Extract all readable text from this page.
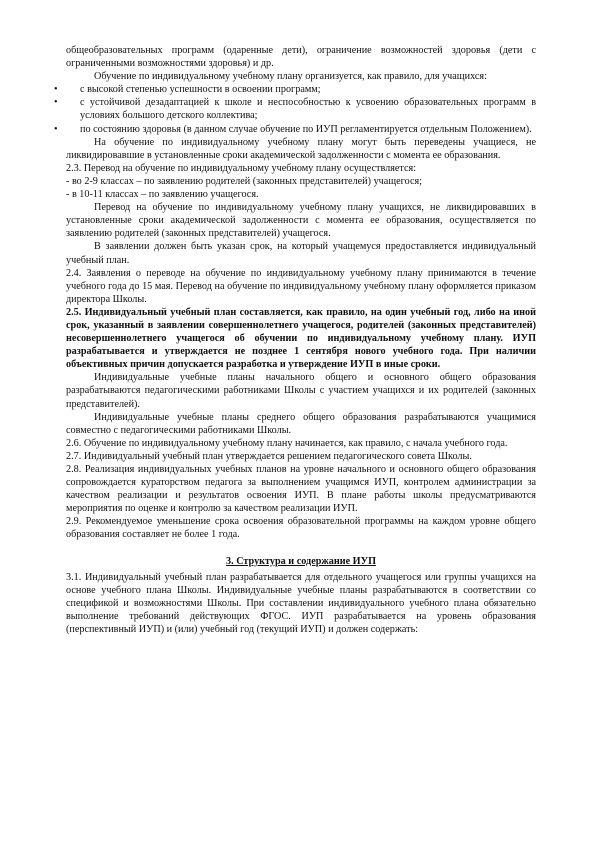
общеобразовательных программ (одаренные дети), ограничение возможностей здоровья (дети с ограниченными возможностями здоровья) и др.

Обучение по индивидуальному учебному плану организуется, как правило, для учащихся:

• с высокой степенью успешности в освоении программ;

• с устойчивой дезадаптацией к школе и неспособностью к усвоению образовательных программ в условиях большого детского коллектива;

• по состоянию здоровья (в данном случае обучение по ИУП регламентируется отдельным Положением).

На обучение по индивидуальному учебному плану могут быть переведены учащиеся, не ликвидировавшие в установленные сроки академической задолженности с момента ее образования.

2.3. Перевод на обучение по индивидуальному учебному плану осуществляется:

- во 2-9 классах – по заявлению родителей (законных представителей) учащегося;

- в 10-11 классах – по заявлению учащегося.

Перевод на обучение по индивидуальному учебному плану учащихся, не ликвидировавших в установленные сроки академической задолженности с момента ее образования, осуществляется по заявлению родителей (законных представителей) учащегося.

В заявлении должен быть указан срок, на который учащемуся предоставляется индивидуальный учебный план.

2.4. Заявления о переводе на обучение по индивидуальному учебному плану принимаются в течение учебного года до 15 мая. Перевод на обучение по индивидуальному учебному плану оформляется приказом директора Школы.

2.5. Индивидуальный учебный план составляется, как правило, на один учебный год, либо на иной срок, указанный в заявлении совершеннолетнего учащегося, родителей (законных представителей) несовершеннолетнего учащегося об обучении по индивидуальному учебному плану. ИУП разрабатывается и утверждается не позднее 1 сентября нового учебного года. При наличии объективных причин допускается разработка и утверждение ИУП в иные сроки.

Индивидуальные учебные планы начального общего и основного общего образования разрабатываются педагогическими работниками Школы с участием учащихся и их родителей (законных представителей).

Индивидуальные учебные планы среднего общего образования разрабатываются учащимися совместно с педагогическими работниками Школы.

2.6. Обучение по индивидуальному учебному плану начинается, как правило, с начала учебного года.

2.7. Индивидуальный учебный план утверждается решением педагогического совета Школы.

2.8. Реализация индивидуальных учебных планов на уровне начального и основного общего образования сопровождается кураторством педагога за выполнением учащимся ИУП, контролем администрации за качеством реализации и результатов освоения ИУП. В плане работы школы предусматриваются мероприятия по оценке и контролю за качеством реализации ИУП.

2.9. Рекомендуемое уменьшение срока освоения образовательной программы на каждом уровне общего образования составляет не более 1 года.

3. Структура и содержание ИУП

3.1. Индивидуальный учебный план разрабатывается для отдельного учащегося или группы учащихся на основе учебного плана Школы. Индивидуальные учебные планы разрабатываются в соответствии со спецификой и возможностями Школы. При составлении индивидуального учебного плана обязательно выполнение требований действующих ФГОС. ИУП разрабатывается на уровень образования (перспективный ИУП) и (или) учебный год (текущий ИУП) и должен содержать:
